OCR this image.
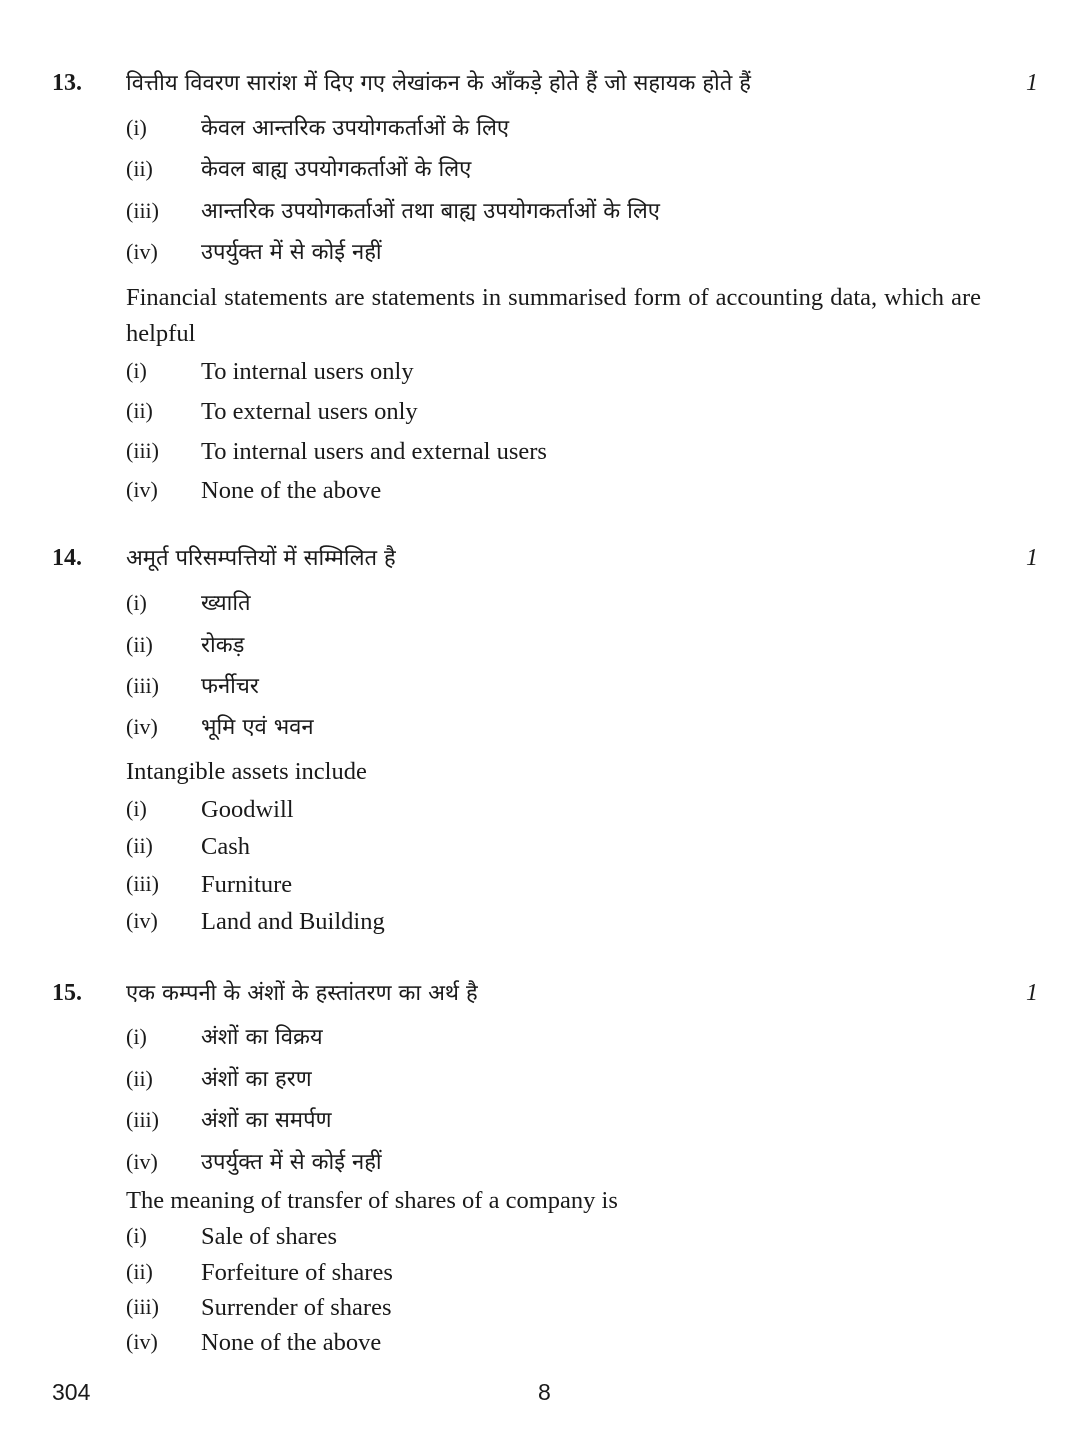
13. वित्तीय विवरण सारांश में दिए गए लेखांकन के आँकड़े होते हैं जो सहायक होते हैं	1
(i) केवल आन्तरिक उपयोगकर्ताओं के लिए
(ii) केवल बाह्य उपयोगकर्ताओं के लिए
(iii) आन्तरिक उपयोगकर्ताओं तथा बाह्य उपयोगकर्ताओं के लिए
(iv) उपर्युक्त में से कोई नहीं
Financial statements are statements in summarised form of accounting data, which are helpful
(i) To internal users only
(ii) To external users only
(iii) To internal users and external users
(iv) None of the above
14. अमूर्त परिसम्पत्तियों में सम्मिलित है	1
(i) ख्याति
(ii) रोकड़
(iii) फर्नीचर
(iv) भूमि एवं भवन
Intangible assets include
(i) Goodwill
(ii) Cash
(iii) Furniture
(iv) Land and Building
15. एक कम्पनी के अंशों के हस्तांतरण का अर्थ है	1
(i) अंशों का विक्रय
(ii) अंशों का हरण
(iii) अंशों का समर्पण
(iv) उपर्युक्त में से कोई नहीं
The meaning of transfer of shares of a company is
(i) Sale of shares
(ii) Forfeiture of shares
(iii) Surrender of shares
(iv) None of the above
304	8
